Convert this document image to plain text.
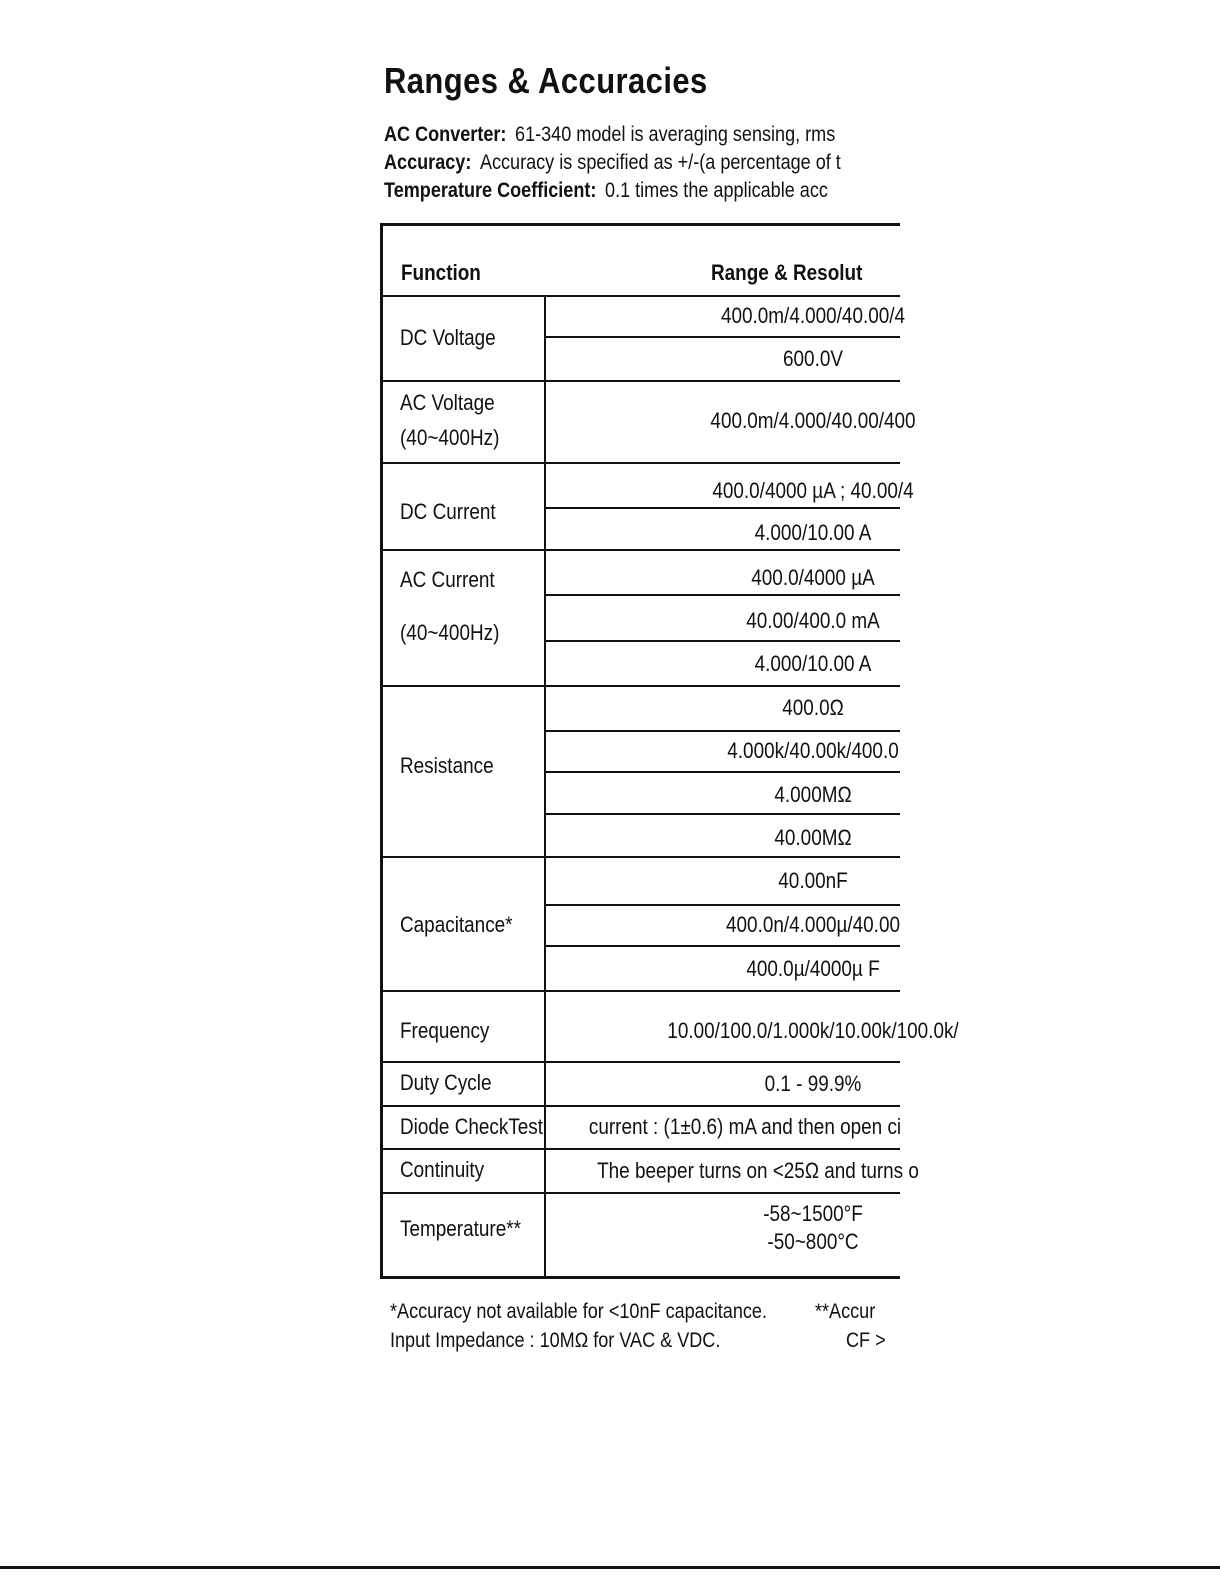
Ranges & Accuracies
AC Converter: 61-340 model is averaging sensing, rms
Accuracy: Accuracy is specified as +/-(a percentage of t
Temperature Coefficient: 0.1 times the applicable acc
Function	Range & Resolut
DC Voltage
AC Voltage
(40~400Hz)
DC Current
AC Current
(40~400Hz)
Resistance
Capacitance*
Frequency
Duty Cycle
Diode CheckTest
Continuity
Temperature**
400.0m/4.000/40.00/4
600.0V
400.0m/4.000/40.00/400
400.0/4000 µA ; 40.00/4
4.000/10.00 A
400.0/4000 µA
40.00/400.0 mA
4.000/10.00 A
400.0Ω
4.000k/40.00k/400.0
4.000MΩ
40.00MΩ
40.00nF
400.0n/4.000µ/40.00
400.0µ/4000µ F
10.00/100.0/1.000k/10.00k/100.0k/
0.1 - 99.9%
current : (1±0.6) mA and then open ci
The beeper turns on <25Ω and turns o
-58~1500°F
-50~800°C
*Accuracy not available for <10nF capacitance. **Accur
Input Impedance : 10MΩ for VAC & VDC.	CF >
